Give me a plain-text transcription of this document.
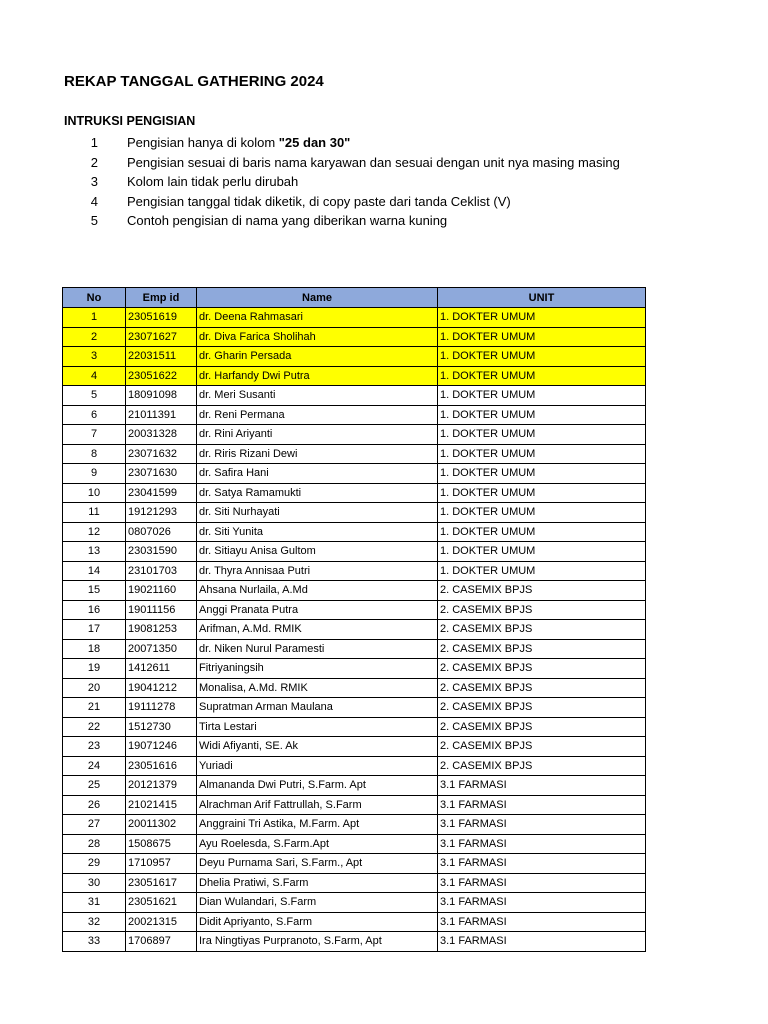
REKAP TANGGAL GATHERING 2024
INTRUKSI PENGISIAN
1 Pengisian hanya di kolom "25 dan 30"
2 Pengisian sesuai di baris nama karyawan dan sesuai dengan unit nya masing masing
3 Kolom lain tidak perlu dirubah
4 Pengisian tanggal tidak diketik, di copy paste dari tanda Ceklist (V)
5 Contoh pengisian di nama yang diberikan warna kuning
No	Emp id	Name	UNIT
1	23051619	dr. Deena Rahmasari	1. DOKTER UMUM
2	23071627	dr. Diva Farica Sholihah	1. DOKTER UMUM
3	22031511	dr. Gharin Persada	1. DOKTER UMUM
4	23051622	dr. Harfandy Dwi Putra	1. DOKTER UMUM
5	18091098	dr. Meri Susanti	1. DOKTER UMUM
6	21011391	dr. Reni Permana	1. DOKTER UMUM
7	20031328	dr. Rini Ariyanti	1. DOKTER UMUM
8	23071632	dr. Riris Rizani Dewi	1. DOKTER UMUM
9	23071630	dr. Safira Hani	1. DOKTER UMUM
10	23041599	dr. Satya Ramamukti	1. DOKTER UMUM
11	19121293	dr. Siti Nurhayati	1. DOKTER UMUM
12	0807026	dr. Siti Yunita	1. DOKTER UMUM
13	23031590	dr. Sitiayu Anisa Gultom	1. DOKTER UMUM
14	23101703	dr. Thyra Annisaa Putri	1. DOKTER UMUM
15	19021160	Ahsana Nurlaila, A.Md	2. CASEMIX BPJS
16	19011156	Anggi Pranata Putra	2. CASEMIX BPJS
17	19081253	Arifman, A.Md. RMIK	2. CASEMIX BPJS
18	20071350	dr. Niken Nurul Paramesti	2. CASEMIX BPJS
19	1412611	Fitriyaningsih	2. CASEMIX BPJS
20	19041212	Monalisa, A.Md. RMIK	2. CASEMIX BPJS
21	19111278	Supratman Arman Maulana	2. CASEMIX BPJS
22	1512730	Tirta Lestari	2. CASEMIX BPJS
23	19071246	Widi Afiyanti, SE. Ak	2. CASEMIX BPJS
24	23051616	Yuriadi	2. CASEMIX BPJS
25	20121379	Almananda Dwi Putri, S.Farm. Apt	3.1 FARMASI
26	21021415	Alrachman Arif Fattrullah, S.Farm	3.1 FARMASI
27	20011302	Anggraini Tri Astika, M.Farm. Apt	3.1 FARMASI
28	1508675	Ayu Roelesda, S.Farm.Apt	3.1 FARMASI
29	1710957	Deyu Purnama Sari, S.Farm., Apt	3.1 FARMASI
30	23051617	Dhelia Pratiwi, S.Farm	3.1 FARMASI
31	23051621	Dian Wulandari, S.Farm	3.1 FARMASI
32	20021315	Didit Apriyanto, S.Farm	3.1 FARMASI
33	1706897	Ira Ningtiyas Purpranoto, S.Farm, Apt	3.1 FARMASI
